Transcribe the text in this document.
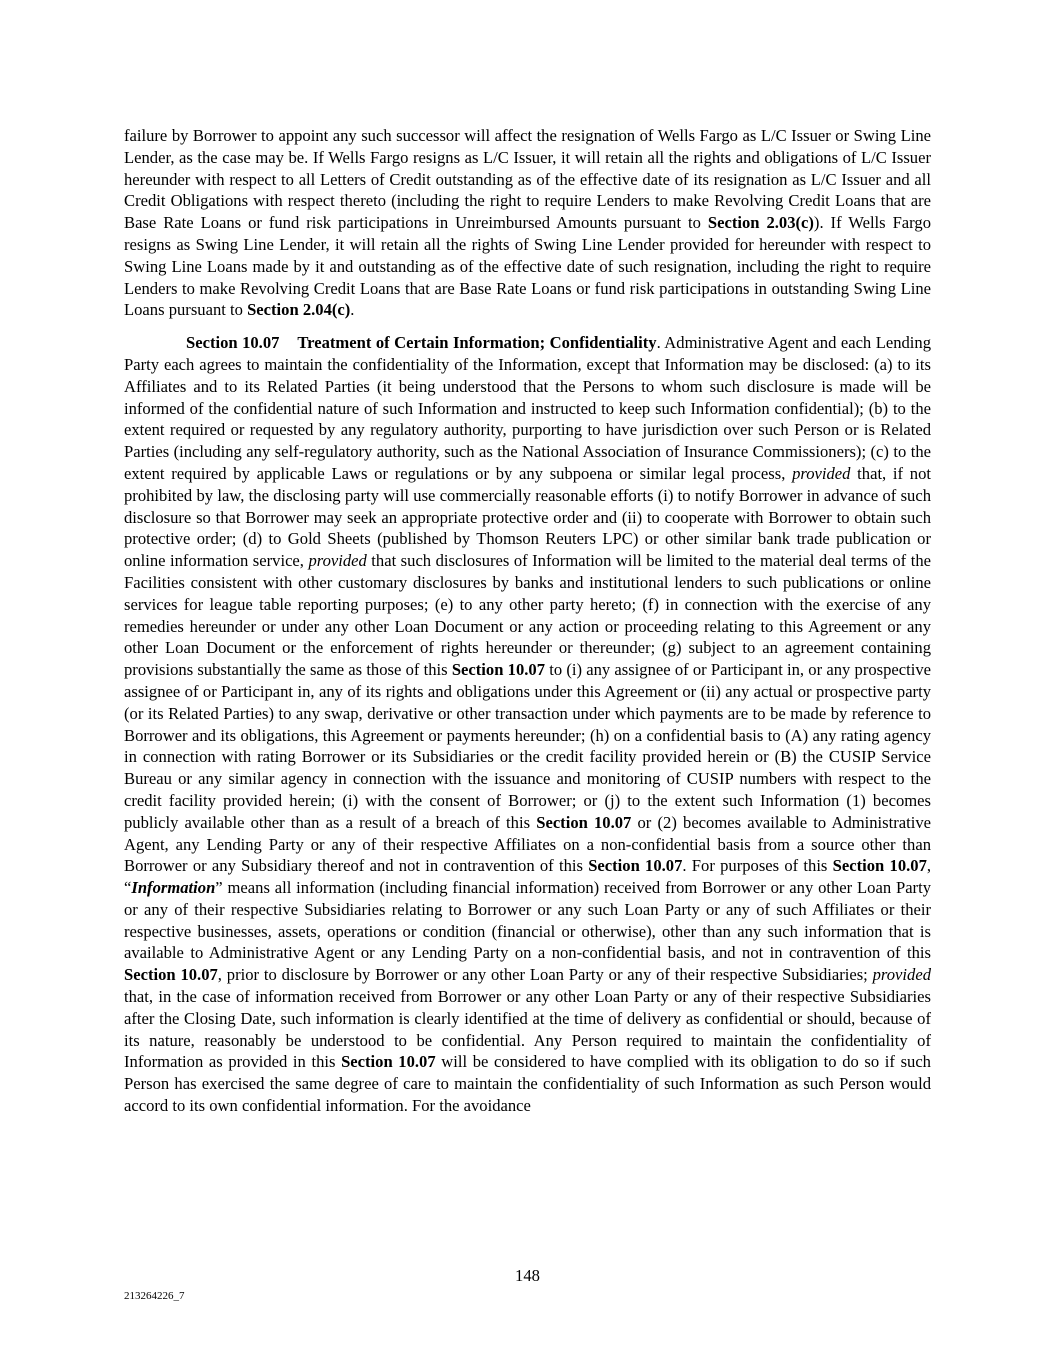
failure by Borrower to appoint any such successor will affect the resignation of Wells Fargo as L/C Issuer or Swing Line Lender, as the case may be. If Wells Fargo resigns as L/C Issuer, it will retain all the rights and obligations of L/C Issuer hereunder with respect to all Letters of Credit outstanding as of the effective date of its resignation as L/C Issuer and all Credit Obligations with respect thereto (including the right to require Lenders to make Revolving Credit Loans that are Base Rate Loans or fund risk participations in Unreimbursed Amounts pursuant to Section 2.03(c)). If Wells Fargo resigns as Swing Line Lender, it will retain all the rights of Swing Line Lender provided for hereunder with respect to Swing Line Loans made by it and outstanding as of the effective date of such resignation, including the right to require Lenders to make Revolving Credit Loans that are Base Rate Loans or fund risk participations in outstanding Swing Line Loans pursuant to Section 2.04(c).

Section 10.07 Treatment of Certain Information; Confidentiality. Administrative Agent and each Lending Party each agrees to maintain the confidentiality of the Information, except that Information may be disclosed: (a) to its Affiliates and to its Related Parties (it being understood that the Persons to whom such disclosure is made will be informed of the confidential nature of such Information and instructed to keep such Information confidential); (b) to the extent required or requested by any regulatory authority, purporting to have jurisdiction over such Person or is Related Parties (including any self-regulatory authority, such as the National Association of Insurance Commissioners); (c) to the extent required by applicable Laws or regulations or by any subpoena or similar legal process, provided that, if not prohibited by law, the disclosing party will use commercially reasonable efforts (i) to notify Borrower in advance of such disclosure so that Borrower may seek an appropriate protective order and (ii) to cooperate with Borrower to obtain such protective order; (d) to Gold Sheets (published by Thomson Reuters LPC) or other similar bank trade publication or online information service, provided that such disclosures of Information will be limited to the material deal terms of the Facilities consistent with other customary disclosures by banks and institutional lenders to such publications or online services for league table reporting purposes; (e) to any other party hereto; (f) in connection with the exercise of any remedies hereunder or under any other Loan Document or any action or proceeding relating to this Agreement or any other Loan Document or the enforcement of rights hereunder or thereunder; (g) subject to an agreement containing provisions substantially the same as those of this Section 10.07 to (i) any assignee of or Participant in, or any prospective assignee of or Participant in, any of its rights and obligations under this Agreement or (ii) any actual or prospective party (or its Related Parties) to any swap, derivative or other transaction under which payments are to be made by reference to Borrower and its obligations, this Agreement or payments hereunder; (h) on a confidential basis to (A) any rating agency in connection with rating Borrower or its Subsidiaries or the credit facility provided herein or (B) the CUSIP Service Bureau or any similar agency in connection with the issuance and monitoring of CUSIP numbers with respect to the credit facility provided herein; (i) with the consent of Borrower; or (j) to the extent such Information (1) becomes publicly available other than as a result of a breach of this Section 10.07 or (2) becomes available to Administrative Agent, any Lending Party or any of their respective Affiliates on a non-confidential basis from a source other than Borrower or any Subsidiary thereof and not in contravention of this Section 10.07. For purposes of this Section 10.07, “Information” means all information (including financial information) received from Borrower or any other Loan Party or any of their respective Subsidiaries relating to Borrower or any such Loan Party or any of such Affiliates or their respective businesses, assets, operations or condition (financial or otherwise), other than any such information that is available to Administrative Agent or any Lending Party on a non-confidential basis, and not in contravention of this Section 10.07, prior to disclosure by Borrower or any other Loan Party or any of their respective Subsidiaries; provided that, in the case of information received from Borrower or any other Loan Party or any of their respective Subsidiaries after the Closing Date, such information is clearly identified at the time of delivery as confidential or should, because of its nature, reasonably be understood to be confidential. Any Person required to maintain the confidentiality of Information as provided in this Section 10.07 will be considered to have complied with its obligation to do so if such Person has exercised the same degree of care to maintain the confidentiality of such Information as such Person would accord to its own confidential information. For the avoidance

148
213264226_7
